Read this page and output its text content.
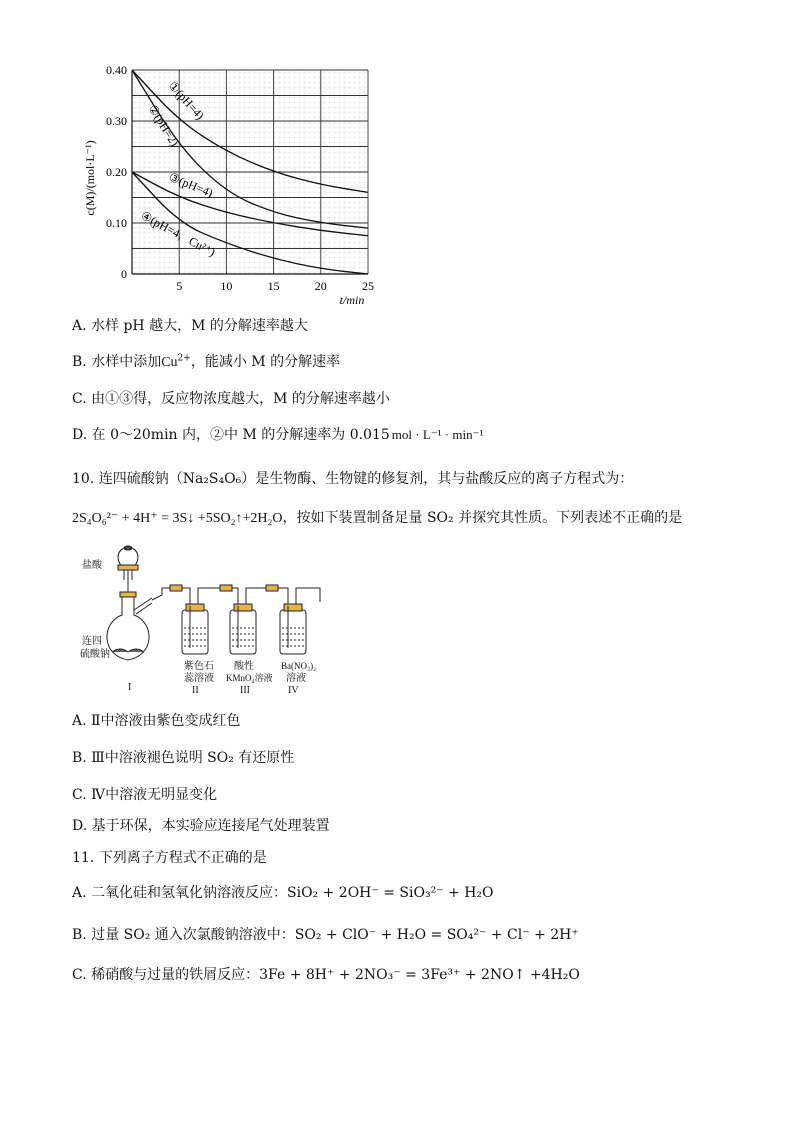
5	10	15	20	25
0
0.10
0.20
0.30
0.40
c(M)/(mol·L⁻¹)
t/min
①(pH=4)
②(pH=2)
③(pH=4)
④(pH=4，Cu²⁺)
A. 水样 pH 越大，M 的分解速率越大
B. 水样中添加$Cu^{2+}$，能减小 M 的分解速率
C. 由①③得，反应物浓度越大，M 的分解速率越小
D. 在 0～20min 内，②中 M 的分解速率为 0.015 mol · L⁻¹ · min⁻¹
10. 连四硫酸钠（Na₂S₄O₆）是生物酶、生物键的修复剂，其与盐酸反应的离子方程式为：
2S₄O₆²⁻ + 4H⁺ = 3S↓ +5SO₂↑+2H₂O，按如下装置制备足量 SO₂ 并探究其性质。下列表述不正确的是
盐酸
连四
硫酸钠
紫色石
蕊溶液
酸性
KMnO₄溶液
Ba(NO₃)₂
溶液
I	II	III	IV
A. Ⅱ中溶液由紫色变成红色
B. Ⅲ中溶液褪色说明 SO₂ 有还原性
C. Ⅳ中溶液无明显变化
D. 基于环保，本实验应连接尾气处理装置
11. 下列离子方程式不正确的是
A. 二氧化硅和氢氧化钠溶液反应：SiO₂ + 2OH⁻ = SiO₃²⁻ + H₂O
B. 过量 SO₂ 通入次氯酸钠溶液中：SO₂ + ClO⁻ + H₂O = SO₄²⁻ + Cl⁻ + 2H⁺
C. 稀硝酸与过量的铁屑反应：3Fe + 8H⁺ + 2NO₃⁻ = 3Fe³⁺ + 2NO↑ +4H₂O
